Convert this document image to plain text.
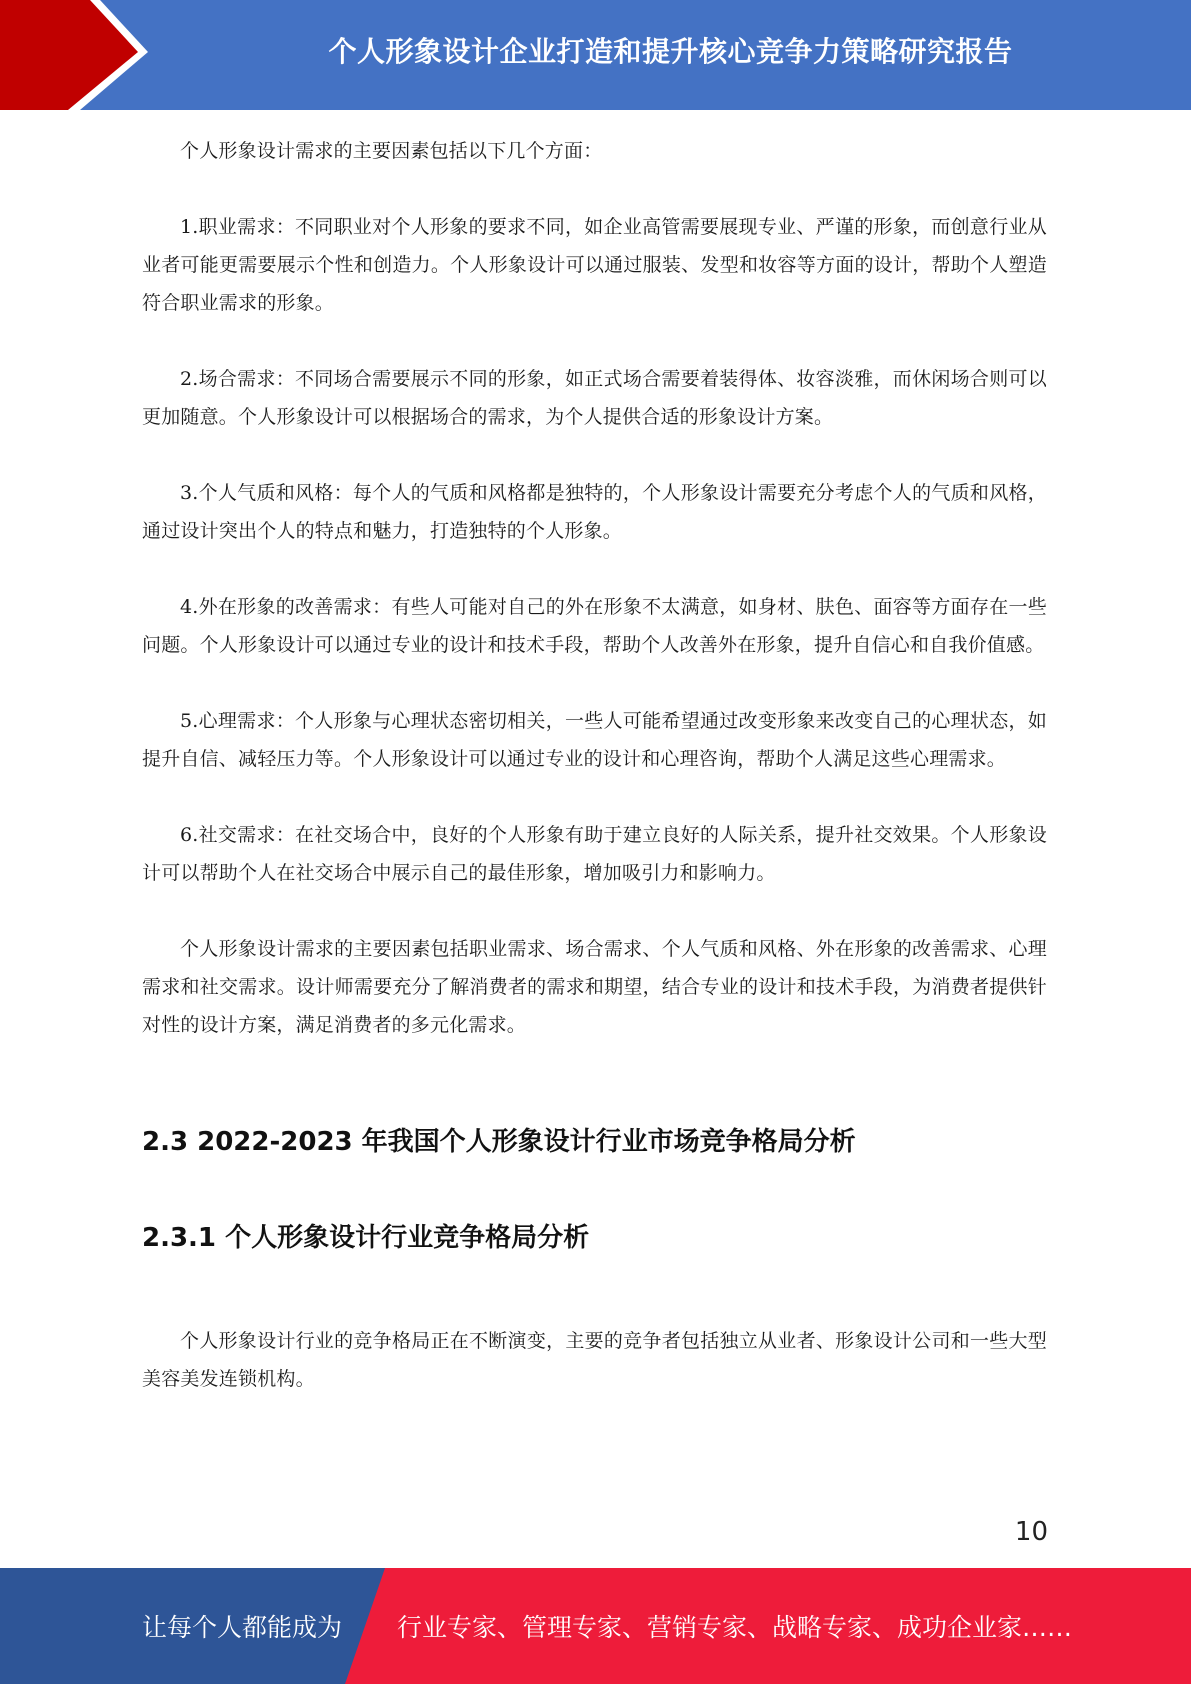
个人形象设计企业打造和提升核心竞争力策略研究报告

个人形象设计需求的主要因素包括以下几个方面：

1.职业需求：不同职业对个人形象的要求不同，如企业高管需要展现专业、严谨的形象，而创意行业从业者可能更需要展示个性和创造力。个人形象设计可以通过服装、发型和妆容等方面的设计，帮助个人塑造符合职业需求的形象。

2.场合需求：不同场合需要展示不同的形象，如正式场合需要着装得体、妆容淡雅，而休闲场合则可以更加随意。个人形象设计可以根据场合的需求，为个人提供合适的形象设计方案。

3.个人气质和风格：每个人的气质和风格都是独特的，个人形象设计需要充分考虑个人的气质和风格，通过设计突出个人的特点和魅力，打造独特的个人形象。

4.外在形象的改善需求：有些人可能对自己的外在形象不太满意，如身材、肤色、面容等方面存在一些问题。个人形象设计可以通过专业的设计和技术手段，帮助个人改善外在形象，提升自信心和自我价值感。

5.心理需求：个人形象与心理状态密切相关，一些人可能希望通过改变形象来改变自己的心理状态，如提升自信、减轻压力等。个人形象设计可以通过专业的设计和心理咨询，帮助个人满足这些心理需求。

6.社交需求：在社交场合中，良好的个人形象有助于建立良好的人际关系，提升社交效果。个人形象设计可以帮助个人在社交场合中展示自己的最佳形象，增加吸引力和影响力。

个人形象设计需求的主要因素包括职业需求、场合需求、个人气质和风格、外在形象的改善需求、心理需求和社交需求。设计师需要充分了解消费者的需求和期望，结合专业的设计和技术手段，为消费者提供针对性的设计方案，满足消费者的多元化需求。

2.3 2022-2023 年我国个人形象设计行业市场竞争格局分析
2.3.1 个人形象设计行业竞争格局分析

个人形象设计行业的竞争格局正在不断演变，主要的竞争者包括独立从业者、形象设计公司和一些大型美容美发连锁机构。

10
让每个人都能成为 行业专家、管理专家、营销专家、战略专家、成功企业家……
